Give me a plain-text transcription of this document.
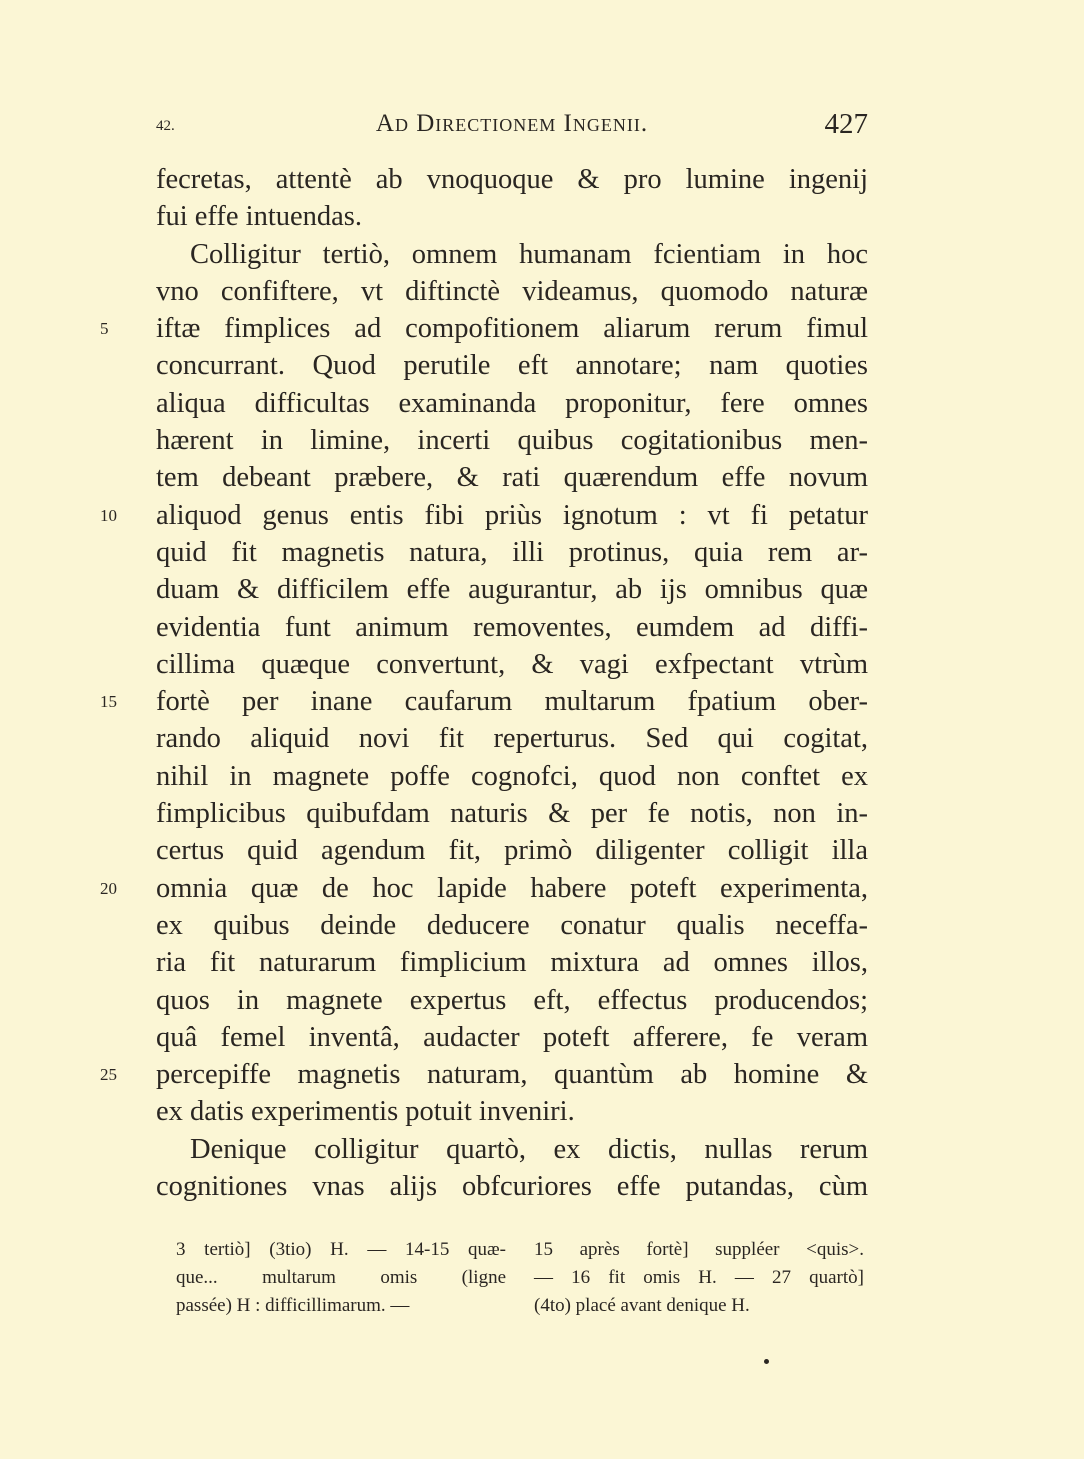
42.	Ad Directionem Ingenii.	427
fecretas, attentè ab vnoquoque & pro lumine ingenij
fui effe intuendas.
Colligitur tertiò, omnem humanam fcientiam in hoc
vno confiftere, vt diftinctè videamus, quomodo naturæ
5	iftæ fimplices ad compofitionem aliarum rerum fimul
concurrant. Quod perutile eft annotare; nam quoties
aliqua difficultas examinanda proponitur, fere omnes
hærent in limine, incerti quibus cogitationibus men-
tem debeant præbere, & rati quærendum effe novum
10	aliquod genus entis fibi priùs ignotum : vt fi petatur
quid fit magnetis natura, illi protinus, quia rem ar-
duam & difficilem effe augurantur, ab ijs omnibus quæ
evidentia funt animum removentes, eumdem ad diffi-
cillima quæque convertunt, & vagi exfpectant vtrùm
15	fortè per inane caufarum multarum fpatium ober-
rando aliquid novi fit reperturus. Sed qui cogitat,
nihil in magnete poffe cognofci, quod non conftet ex
fimplicibus quibufdam naturis & per fe notis, non in-
certus quid agendum fit, primò diligenter colligit illa
20	omnia quæ de hoc lapide habere poteft experimenta,
ex quibus deinde deducere conatur qualis neceffa-
ria fit naturarum fimplicium mixtura ad omnes illos,
quos in magnete expertus eft, effectus producendos;
quâ femel inventâ, audacter poteft afferere, fe veram
25	percepiffe magnetis naturam, quantùm ab homine &
ex datis experimentis potuit inveniri.
Denique colligitur quartò, ex dictis, nullas rerum
cognitiones vnas alijs obfcuriores effe putandas, cùm
3 tertiò] (3tio) H. — 14-15 quæ-
que... multarum omis (ligne
passée) H : difficillimarum. —
15 après fortè] suppléer <quis>.
— 16 fit omis H. — 27 quartò]
(4to) placé avant denique H.
